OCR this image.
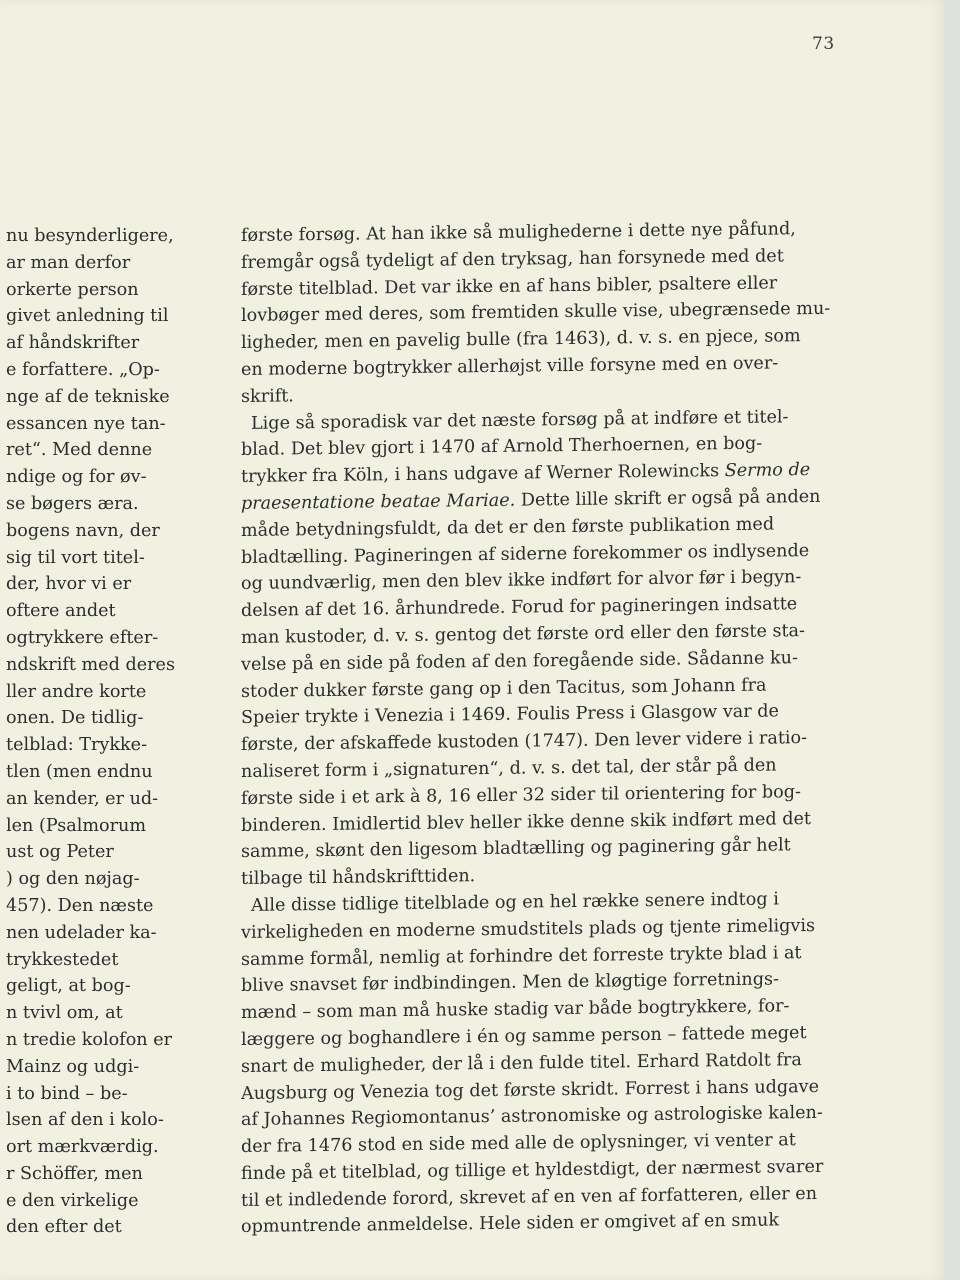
73
nu besynderligere,
ar man derfor
orkerte person
givet anledning til
af håndskrifter
e forfattere. „Op-
nge af de tekniske
essancen nye tan-
ret“. Med denne
ndige og for øv-
se bøgers æra.
bogens navn, der
sig til vort titel-
der, hvor vi er
oftere andet
ogtrykkere efter-
ndskrift med deres
ller andre korte
onen. De tidlig-
telblad: Trykke-
tlen (men endnu
an kender, er ud-
len (Psalmorum
ust og Peter
) og den nøjag-
457). Den næste
nen udelader ka-
trykkestedet
geligt, at bog-
n tvivl om, at
n tredie kolofon er
Mainz og udgi-
i to bind – be-
lsen af den i kolo-
ort mærkværdig.
r Schöffer, men
e den virkelige
den efter det
første forsøg. At han ikke så mulighederne i dette nye påfund,
fremgår også tydeligt af den tryksag, han forsynede med det
første titelblad. Det var ikke en af hans bibler, psaltere eller
lovbøger med deres, som fremtiden skulle vise, ubegrænsede mu-
ligheder, men en pavelig bulle (fra 1463), d. v. s. en pjece, som
en moderne bogtrykker allerhøjst ville forsyne med en over-
skrift.
Lige så sporadisk var det næste forsøg på at indføre et titel-
blad. Det blev gjort i 1470 af Arnold Therhoernen, en bog-
trykker fra Köln, i hans udgave af Werner Rolewincks Sermo de
praesentatione beatae Mariae. Dette lille skrift er også på anden
måde betydningsfuldt, da det er den første publikation med
bladtælling. Pagineringen af siderne forekommer os indlysende
og uundværlig, men den blev ikke indført for alvor før i begyn-
delsen af det 16. århundrede. Forud for pagineringen indsatte
man kustoder, d. v. s. gentog det første ord eller den første sta-
velse på en side på foden af den foregående side. Sådanne ku-
stoder dukker første gang op i den Tacitus, som Johann fra
Speier trykte i Venezia i 1469. Foulis Press i Glasgow var de
første, der afskaffede kustoden (1747). Den lever videre i ratio-
naliseret form i „signaturen“, d. v. s. det tal, der står på den
første side i et ark à 8, 16 eller 32 sider til orientering for bog-
binderen. Imidlertid blev heller ikke denne skik indført med det
samme, skønt den ligesom bladtælling og paginering går helt
tilbage til håndskrifttiden.
Alle disse tidlige titelblade og en hel række senere indtog i
virkeligheden en moderne smudstitels plads og tjente rimeligvis
samme formål, nemlig at forhindre det forreste trykte blad i at
blive snavset før indbindingen. Men de kløgtige forretnings-
mænd – som man må huske stadig var både bogtrykkere, for-
læggere og boghandlere i én og samme person – fattede meget
snart de muligheder, der lå i den fulde titel. Erhard Ratdolt fra
Augsburg og Venezia tog det første skridt. Forrest i hans udgave
af Johannes Regiomontanus’ astronomiske og astrologiske kalen-
der fra 1476 stod en side med alle de oplysninger, vi venter at
finde på et titelblad, og tillige et hyldestdigt, der nærmest svarer
til et indledende forord, skrevet af en ven af forfatteren, eller en
opmuntrende anmeldelse. Hele siden er omgivet af en smuk
